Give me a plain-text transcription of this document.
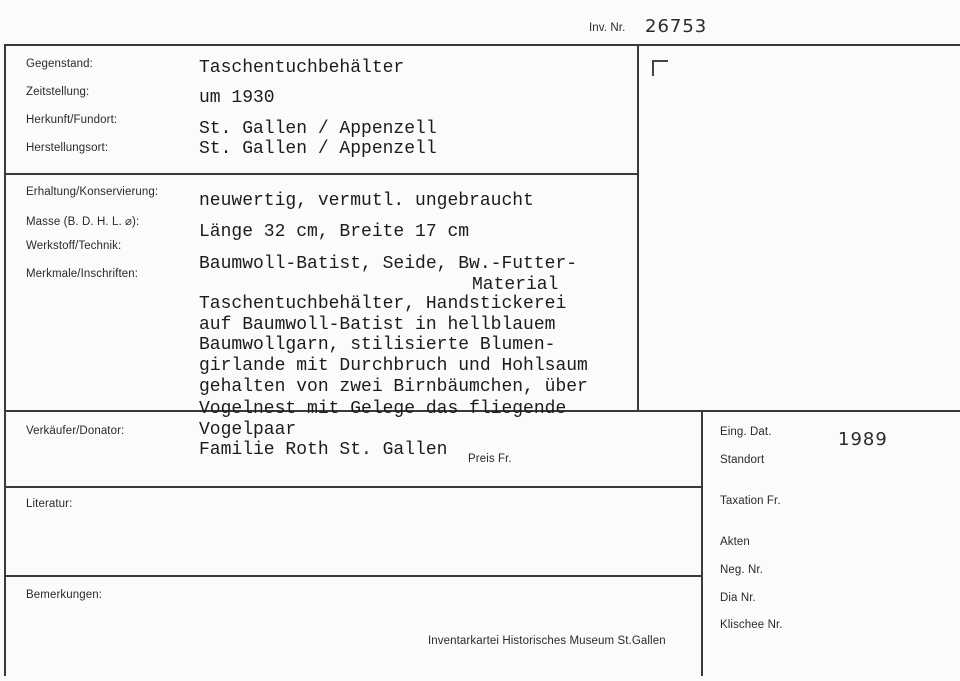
Inv. Nr. 26753
Gegenstand:
Zeitstellung:
Herkunft/Fundort:
Herstellungsort:
Taschentuchbehälter
um 1930
St. Gallen / Appenzell
St. Gallen / Appenzell
Erhaltung/Konservierung:
Masse (B. D. H. L. ⌀):
Werkstoff/Technik:
Merkmale/Inschriften:
neuwertig, vermutl. ungebraucht
Länge 32 cm, Breite 17 cm
Baumwoll-Batist, Seide, Bw.-Futter-
Material
Taschentuchbehälter, Handstickerei
auf Baumwoll-Batist in hellblauem
Baumwollgarn, stilisierte Blumen-
girlande mit Durchbruch und Hohlsaum
gehalten von zwei Birnbäumchen, über
Vogelnest mit Gelege das fliegende
Vogelpaar
Verkäufer/Donator:
Familie Roth St. Gallen Preis Fr.
Literatur:
Bemerkungen:
Inventarkartei Historisches Museum St.Gallen
Eing. Dat.	1989
Standort
Taxation Fr.
Akten
Neg. Nr.
Dia Nr.
Klischee Nr.
